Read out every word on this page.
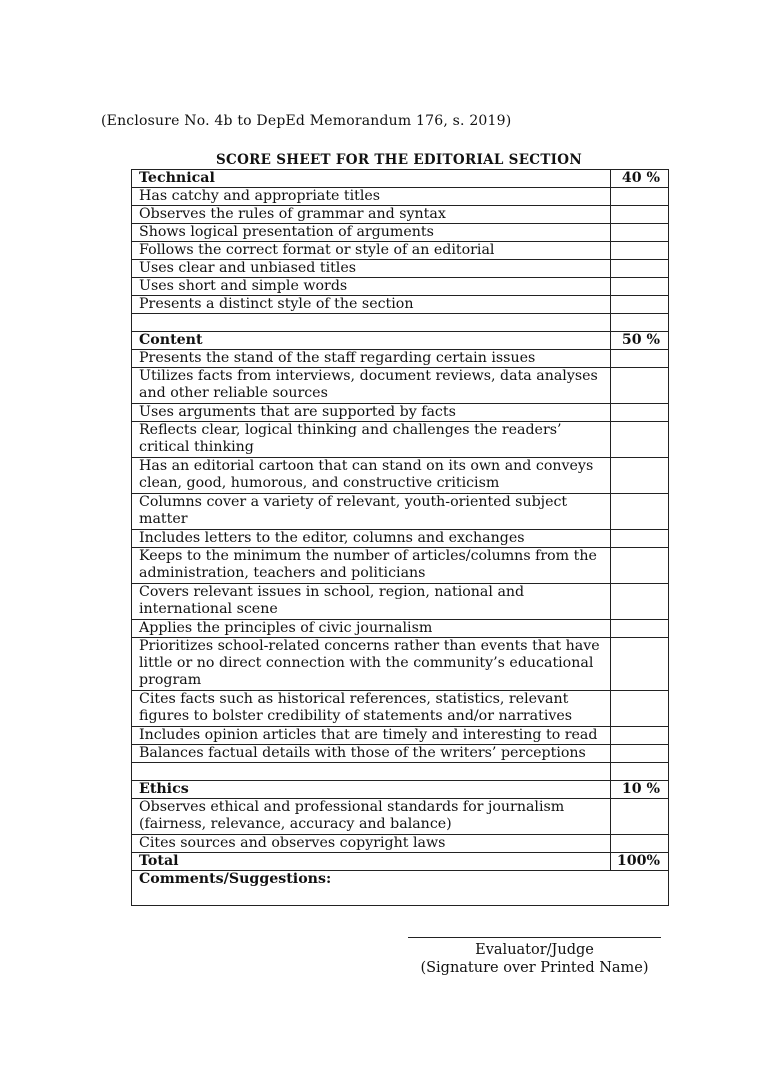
(Enclosure No. 4b to DepEd Memorandum 176, s. 2019)
SCORE SHEET FOR THE EDITORIAL SECTION
Technical	40 %
Has catchy and appropriate titles	
Observes the rules of grammar and syntax	
Shows logical presentation of arguments	
Follows the correct format or style of an editorial	
Uses clear and unbiased titles	
Uses short and simple words	
Presents a distinct style of the section	

Content	50 %
Presents the stand of the staff regarding certain issues	
Utilizes facts from interviews, document reviews, data analyses and other reliable sources	
Uses arguments that are supported by facts	
Reflects clear, logical thinking and challenges the readers’ critical thinking	
Has an editorial cartoon that can stand on its own and conveys clean, good, humorous, and constructive criticism	
Columns cover a variety of relevant, youth-oriented subject matter	
Includes letters to the editor, columns and exchanges	
Keeps to the minimum the number of articles/columns from the administration, teachers and politicians	
Covers relevant issues in school, region, national and international scene	
Applies the principles of civic journalism	
Prioritizes school-related concerns rather than events that have little or no direct connection with the community’s educational program	
Cites facts such as historical references, statistics, relevant figures to bolster credibility of statements and/or narratives	
Includes opinion articles that are timely and interesting to read	
Balances factual details with those of the writers’ perceptions	

Ethics	10 %
Observes ethical and professional standards for journalism (fairness, relevance, accuracy and balance)	
Cites sources and observes copyright laws	
Total	100%
Comments/Suggestions:	
Evaluator/Judge
(Signature over Printed Name)
